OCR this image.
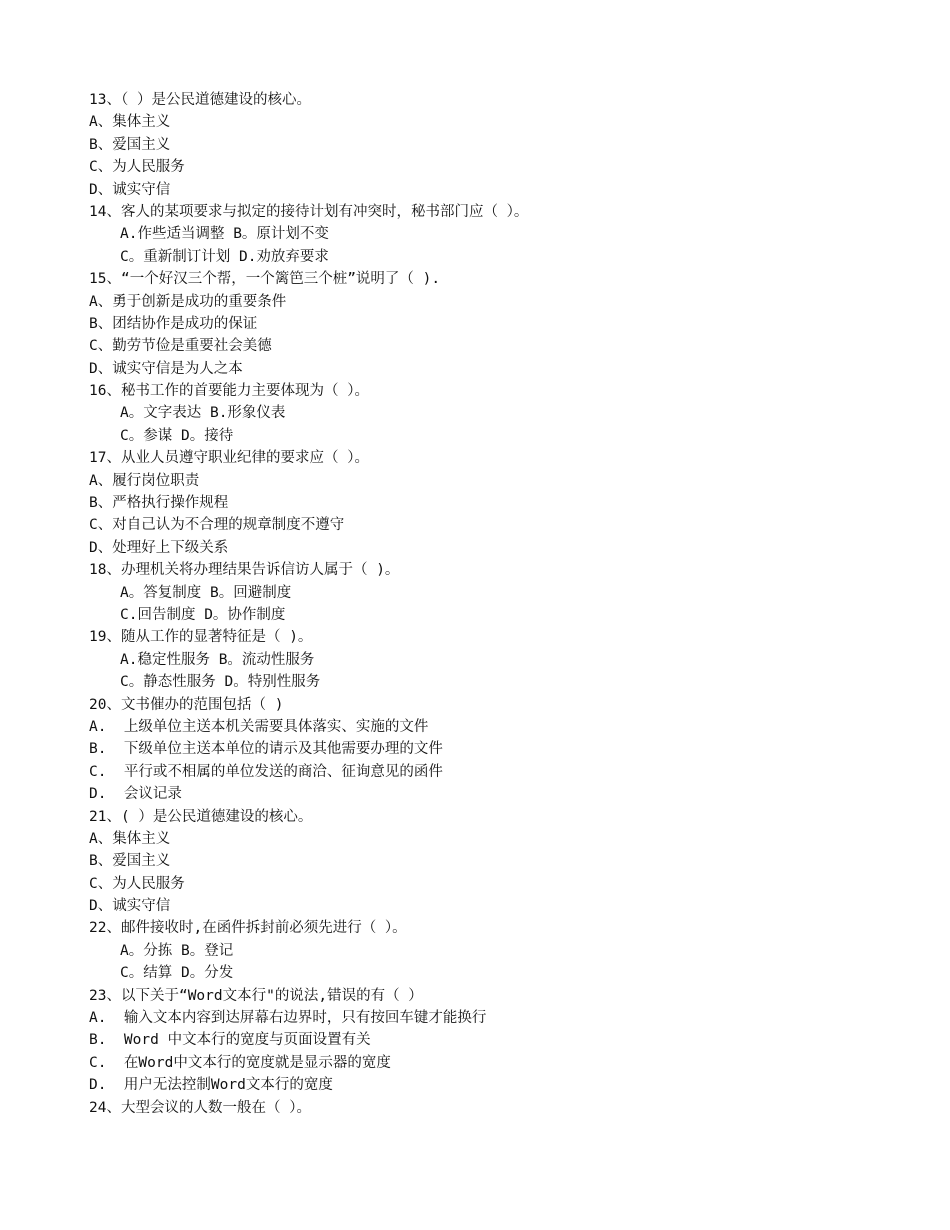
13、（ ）是公民道德建设的核心。
A、集体主义
B、爱国主义
C、为人民服务
D、诚实守信
14、客人的某项要求与拟定的接待计划有冲突时，秘书部门应（ ）。
A.作些适当调整 B。原计划不变
C。重新制订计划 D.劝放弃要求
15、“一个好汉三个帮，一个篱笆三个桩”说明了（ ).
A、勇于创新是成功的重要条件
B、团结协作是成功的保证
C、勤劳节俭是重要社会美德
D、诚实守信是为人之本
16、秘书工作的首要能力主要体现为（ ）。
A。文字表达 B.形象仪表
C。参谋 D。接待
17、从业人员遵守职业纪律的要求应（ ）。
A、履行岗位职责
B、严格执行操作规程
C、对自己认为不合理的规章制度不遵守
D、处理好上下级关系
18、办理机关将办理结果告诉信访人属于（ )。
A。答复制度 B。回避制度
C.回告制度 D。协作制度
19、随从工作的显著特征是（ )。
A.稳定性服务 B。流动性服务
C。静态性服务 D。特别性服务
20、文书催办的范围包括（ )
A.  上级单位主送本机关需要具体落实、实施的文件
B.  下级单位主送本单位的请示及其他需要办理的文件
C.  平行或不相属的单位发送的商洽、征询意见的函件
D.  会议记录
21、( ）是公民道德建设的核心。
A、集体主义
B、爱国主义
C、为人民服务
D、诚实守信
22、邮件接收时,在函件拆封前必须先进行（ ）。
A。分拣 B。登记
C。结算 D。分发
23、以下关于“Word文本行"的说法,错误的有（ ）
A.  输入文本内容到达屏幕右边界时，只有按回车键才能换行
B.  Word 中文本行的宽度与页面设置有关
C.  在Word中文本行的宽度就是显示器的宽度
D.  用户无法控制Word文本行的宽度
24、大型会议的人数一般在（ ）。
